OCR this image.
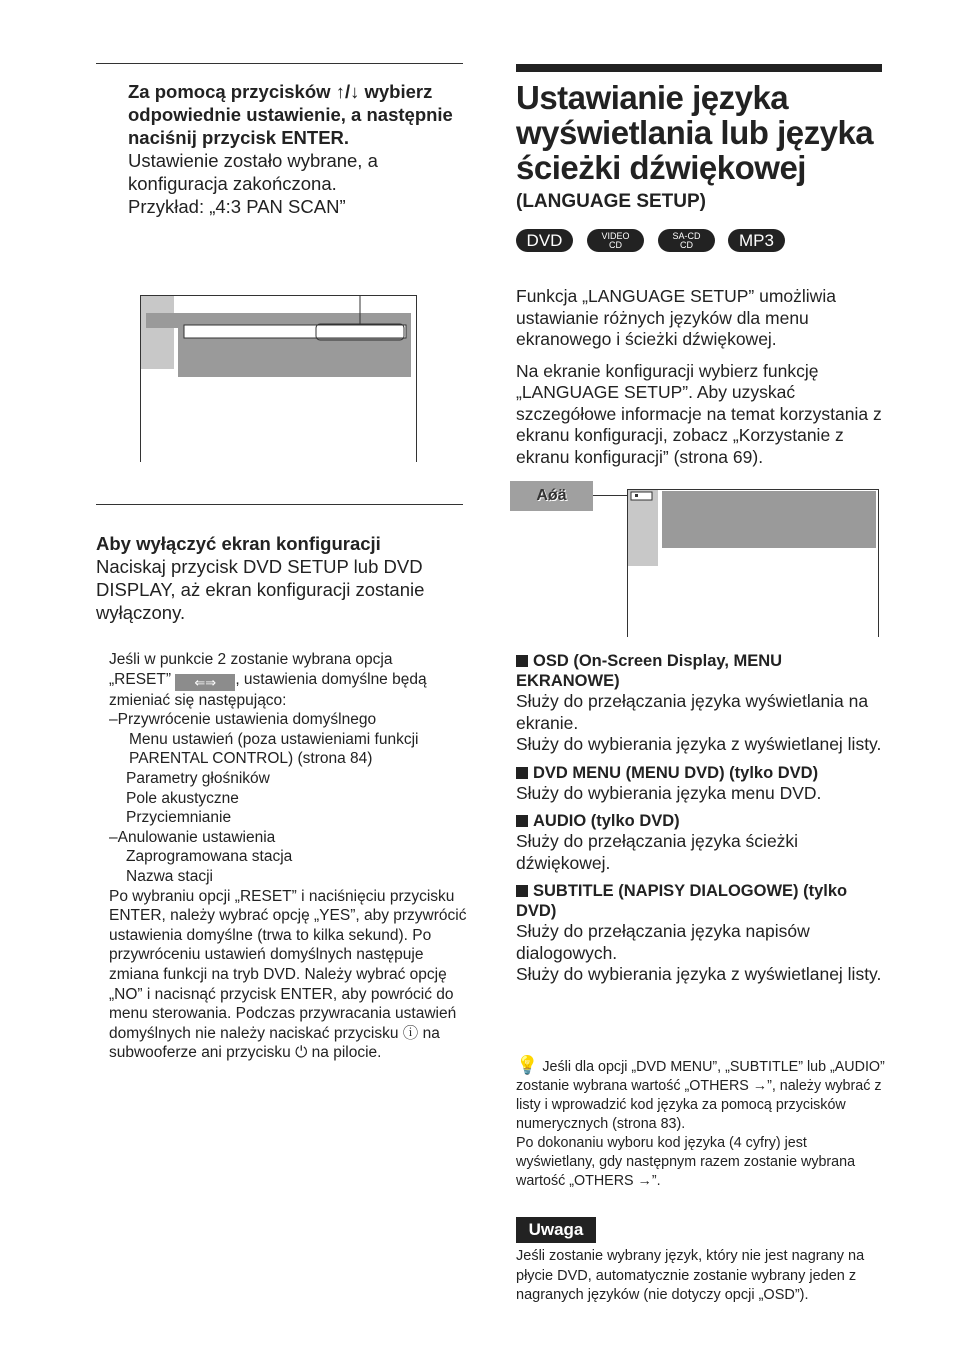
Za pomocą przycisków ↑/↓ wybierz odpowiednie ustawienie, a następnie naciśnij przycisk ENTER.

Ustawienie zostało wybrane, a konfiguracja zakończona.

Przykład: „4:3 PAN SCAN”

Aby wyłączyć ekran konfiguracji

Naciskaj przycisk DVD SETUP lub DVD DISPLAY, aż ekran konfiguracji zostanie wyłączony.

Jeśli w punkcie 2 zostanie wybrana opcja

„RESET” ⇐⇒ , ustawienia domyślne będą

zmieniać się następująco:

–Przywrócenie ustawienia domyślnego

Menu ustawień (poza ustawieniami funkcji

PARENTAL CONTROL) (strona 84)

Parametry głośników

Pole akustyczne

Przyciemnianie

–Anulowanie ustawienia

Zaprogramowana stacja

Nazwa stacji

Po wybraniu opcji „RESET” i naciśnięciu przycisku ENTER, należy wybrać opcję „YES”, aby przywrócić ustawienia domyślne (trwa to kilka sekund). Po przywróceniu ustawień domyślnych następuje zmiana funkcji na tryb DVD. Należy wybrać opcję „NO” i nacisnąć przycisk ENTER, aby powrócić do menu sterowania. Podczas przywracania ustawień domyślnych nie należy naciskać przycisku ⓘ na subwooferze ani przycisku ⏻ na pilocie.

Ustawianie języka wyświetlania lub języka ścieżki dźwiękowej
(LANGUAGE SETUP)
DVD	VIDEO
CD
SA-CD
CD	MP3

Funkcja „LANGUAGE SETUP” umożliwia ustawianie różnych języków dla menu ekranowego i ścieżki dźwiękowej.

Na ekranie konfiguracji wybierz funkcję „LANGUAGE SETUP”. Aby uzyskać szczegółowe informacje na temat korzystania z ekranu konfiguracji, zobacz „Korzystanie z ekranu konfiguracji” (strona 69).

Aǿä
OSD (On-Screen Display, MENU EKRANOWE)

Służy do przełączania języka wyświetlania na ekranie.

Służy do wybierania języka z wyświetlanej listy.

DVD MENU (MENU DVD) (tylko DVD)

Służy do wybierania języka menu DVD.

AUDIO (tylko DVD)

Służy do przełączania języka ścieżki dźwiękowej.

SUBTITLE (NAPISY DIALOGOWE) (tylko DVD)

Służy do przełączania języka napisów dialogowych.

Służy do wybierania języka z wyświetlanej listy.

💡 Jeśli dla opcji „DVD MENU”, „SUBTITLE” lub „AUDIO” zostanie wybrana wartość „OTHERS →”, należy wybrać z listy i wprowadzić kod języka za pomocą przycisków numerycznych (strona 83).

Po dokonaniu wyboru kod języka (4 cyfry) jest wyświetlany, gdy następnym razem zostanie wybrana wartość „OTHERS →”.

Uwaga
Jeśli zostanie wybrany język, który nie jest nagrany na płycie DVD, automatycznie zostanie wybrany jeden z nagranych języków (nie dotyczy opcji „OSD”).
